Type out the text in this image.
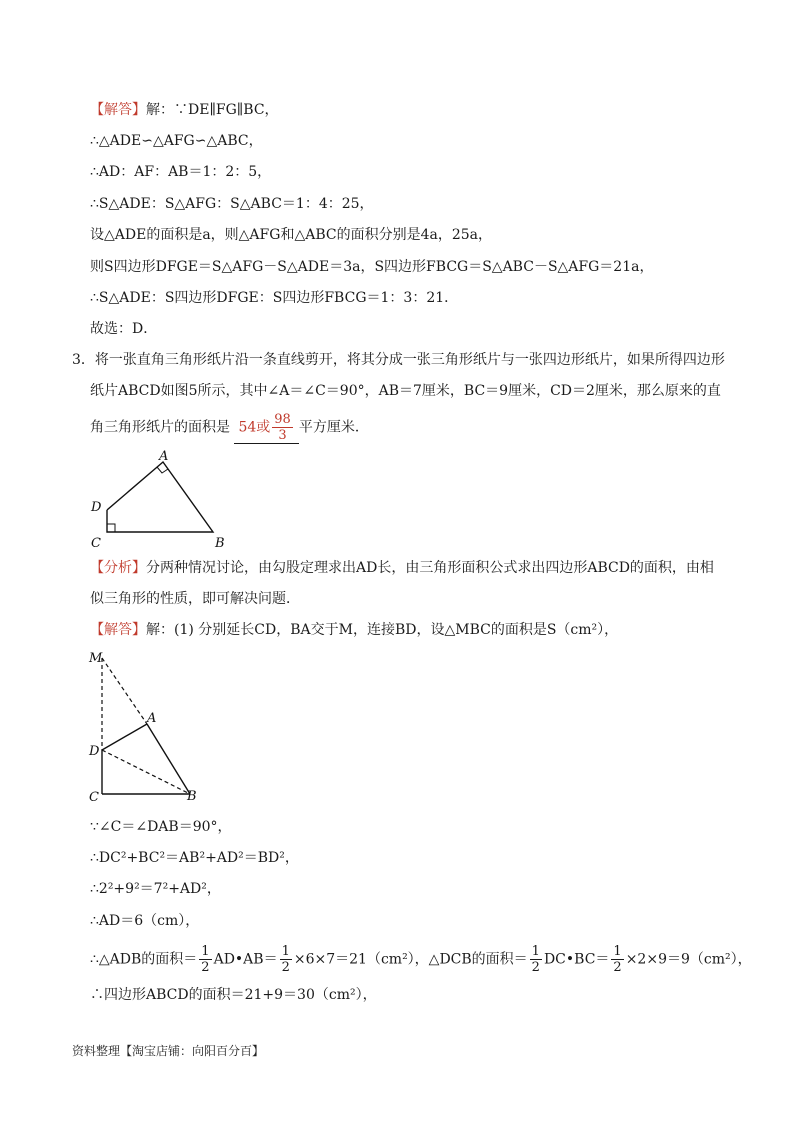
【解答】解：∵DE∥FG∥BC，
∴△ADE∽△AFG∽△ABC，
∴AD：AF：AB＝1：2：5，
∴S△ADE：S△AFG：S△ABC＝1：4：25，
设△ADE的面积是a，则△AFG和△ABC的面积分别是4a，25a，
则S四边形DFGE＝S△AFG－S△ADE＝3a，S四边形FBCG＝S△ABC－S△AFG＝21a，
∴S△ADE：S四边形DFGE：S四边形FBCG＝1：3：21．
故选：D．
3．将一张直角三角形纸片沿一条直线剪开，将其分成一张三角形纸片与一张四边形纸片，如果所得四边形
纸片ABCD如图5所示，其中∠A＝∠C＝90°，AB＝7厘米，BC＝9厘米，CD＝2厘米，那么原来的直
角三角形纸片的面积是 54或 $\frac{98}{3}$ 平方厘米．
A
D
C	B
【分析】分两种情况讨论，由勾股定理求出AD长，由三角形面积公式求出四边形ABCD的面积，由相
似三角形的性质，即可解决问题．
【解答】解：(1) 分别延长CD，BA交于M，连接BD，设△MBC的面积是S（cm²），
M
A
D
C	B
∵∠C＝∠DAB＝90°，
∴DC²+BC²＝AB²+AD²＝BD²，
∴2²+9²＝7²+AD²，
∴AD＝6（cm），
∴△ADB的面积＝ $\frac{1}{2}$ AD•AB＝ $\frac{1}{2} \times 6\times 7=21(cm^2)$，△DCB的面积＝ $\frac{1}{2}$ DC•BC＝ $\frac{1}{2} \times 2\times 9=9(cm^2)$，
∴四边形ABCD的面积＝21+9＝30（cm²），
资料整理【淘宝店铺：向阳百分百】
